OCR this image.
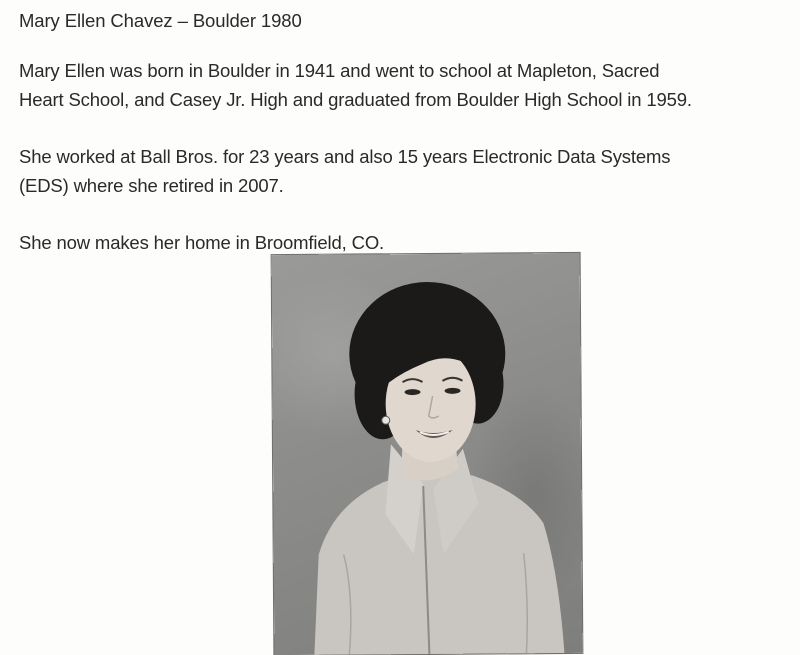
Mary Ellen Chavez – Boulder 1980
Mary Ellen was born in Boulder in 1941 and went to school at Mapleton, Sacred
Heart School, and Casey Jr. High and graduated from Boulder High School in 1959.
She worked at Ball Bros. for 23 years and also 15 years Electronic Data Systems
(EDS) where she retired in 2007.
She now makes her home in Broomfield, CO.
